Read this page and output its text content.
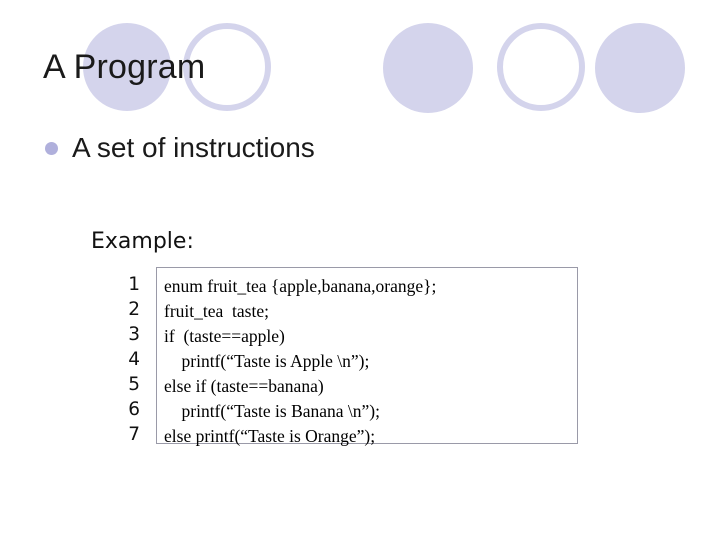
A Program
A set of instructions
Example:
1
2
3
4
5
6
7
enum fruit_tea {apple,banana,orange};
fruit_tea  taste;
if  (taste==apple)
printf(“Taste is Apple \n”);
else if (taste==banana)
printf(“Taste is Banana \n”);
else printf(“Taste is Orange”);
